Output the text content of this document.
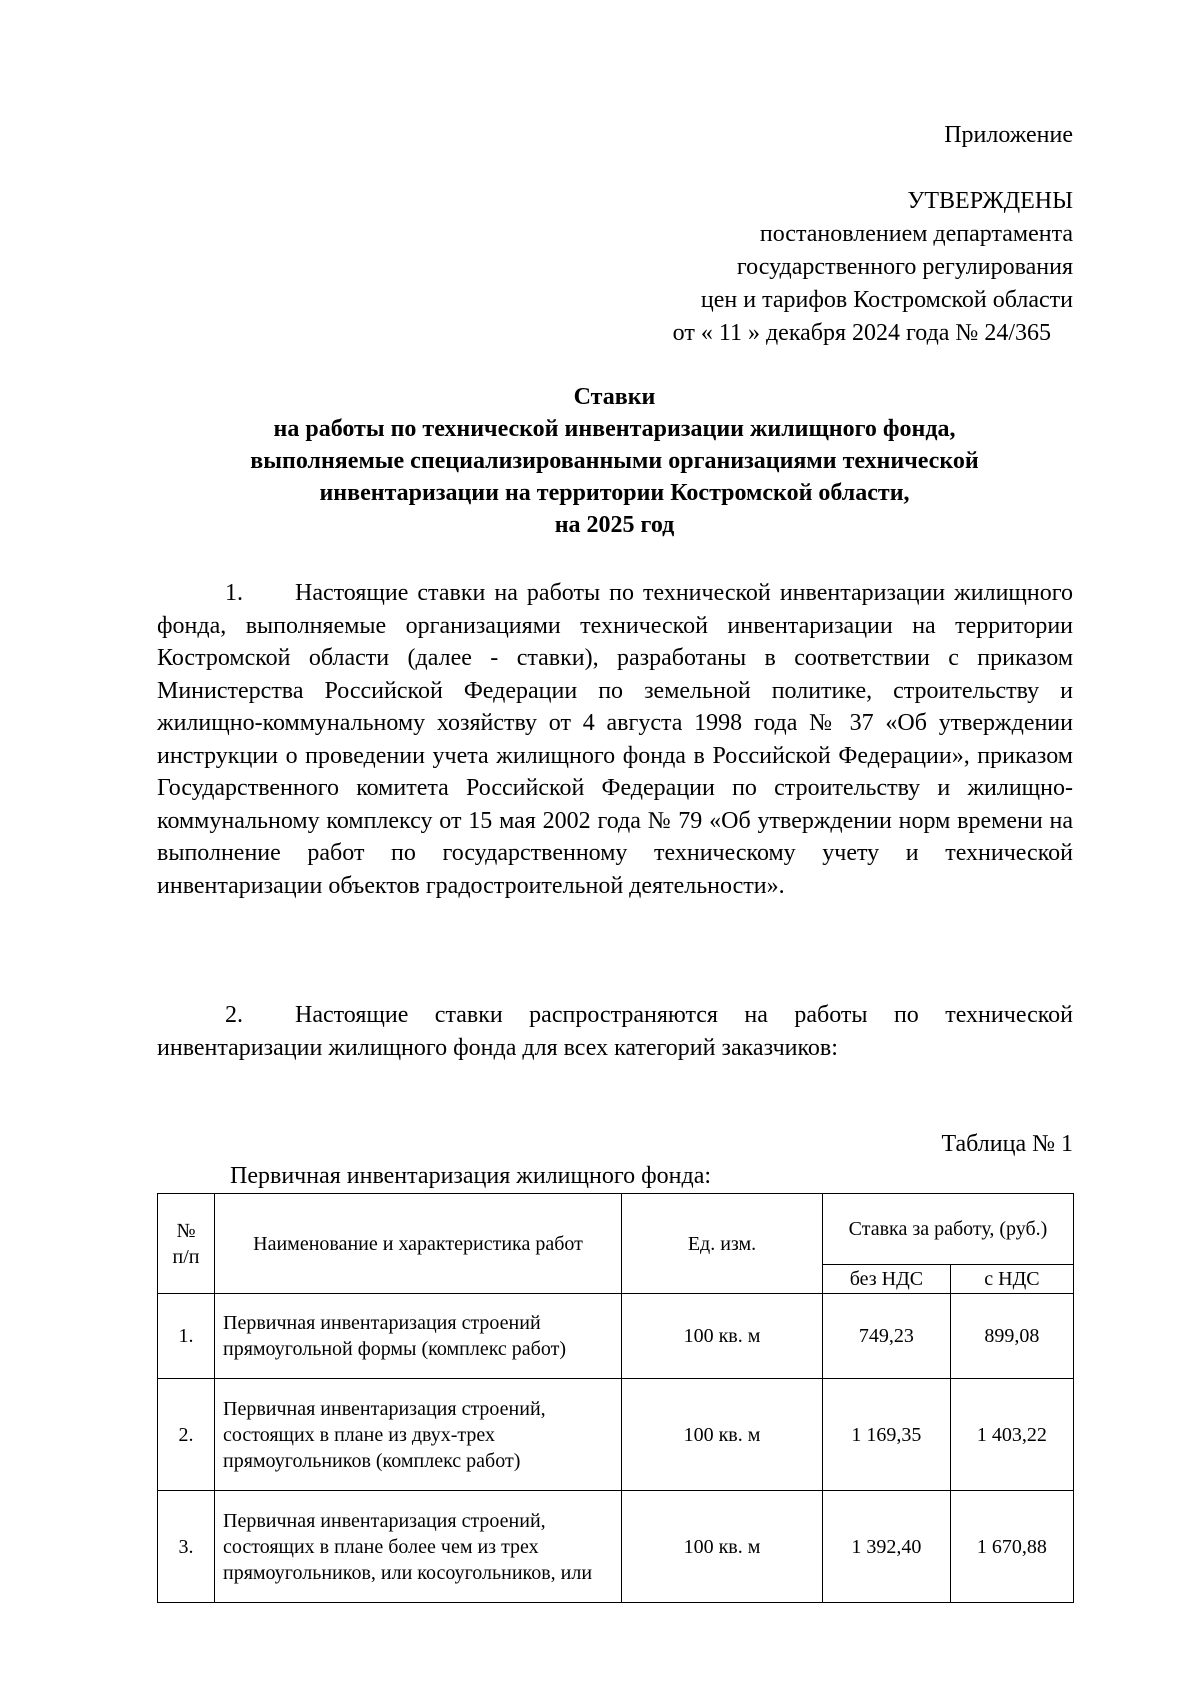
Приложение
УТВЕРЖДЕНЫ
постановлением департамента
государственного регулирования
цен и тарифов Костромской области
от « 11 » декабря 2024 года № 24/365
Ставки
на работы по технической инвентаризации жилищного фонда,
выполняемые специализированными организациями технической
инвентаризации на территории Костромской области,
на 2025 год
1. Настоящие ставки на работы по технической инвентаризации жилищного фонда, выполняемые организациями технической инвентаризации на территории Костромской области (далее - ставки), разработаны в соответствии с приказом Министерства Российской Федерации по земельной политике, строительству и жилищно-коммунальному хозяйству от 4 августа 1998 года № 37 «Об утверждении инструкции о проведении учета жилищного фонда в Российской Федерации», приказом Государственного комитета Российской Федерации по строительству и жилищно-коммунальному комплексу от 15 мая 2002 года № 79 «Об утверждении норм времени на выполнение работ по государственному техническому учету и технической инвентаризации объектов градостроительной деятельности».
2. Настоящие ставки распространяются на работы по технической инвентаризации жилищного фонда для всех категорий заказчиков:
Таблица № 1
Первичная инвентаризация жилищного фонда:
№ п/п	Наименование и характеристика работ	Ед. изм.	Ставка за работу, (руб.)	
			без НДС	с НДС
1.	Первичная инвентаризация строений прямоугольной формы (комплекс работ)	100 кв. м	749,23	899,08
2.	Первичная инвентаризация строений, состоящих в плане из двух-трех прямоугольников (комплекс работ)	100 кв. м	1 169,35	1 403,22
3.	Первичная инвентаризация строений, состоящих в плане более чем из трех прямоугольников, или косоугольников, или	100 кв. м	1 392,40	1 670,88
